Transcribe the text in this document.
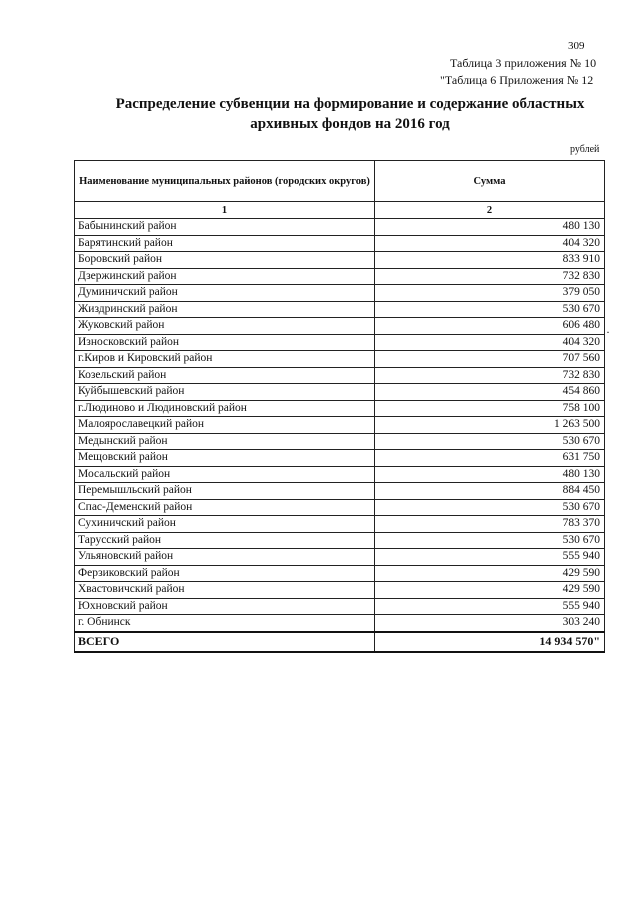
309
Таблица 3 приложения № 10
"Таблица 6 Приложения № 12
Распределение субвенции на формирование и содержание областных
архивных фондов на 2016 год
рублей
·
Наименование муниципальных районов (городских округов)	Сумма
1	2
Бабынинский район	480 130
Барятинский район	404 320
Боровский район	833 910
Дзержинский район	732 830
Думиничский район	379 050
Жиздринский район	530 670
Жуковский район	606 480
Износковский район	404 320
г.Киров и Кировский район	707 560
Козельский район	732 830
Куйбышевский район	454 860
г.Людиново и Людиновский район	758 100
Малоярославецкий район	1 263 500
Медынский район	530 670
Мещовский район	631 750
Мосальский район	480 130
Перемышльский район	884 450
Спас-Деменский район	530 670
Сухиничский район	783 370
Тарусский район	530 670
Ульяновский район	555 940
Ферзиковский район	429 590
Хвастовичский район	429 590
Юхновский район	555 940
г. Обнинск	303 240
ВСЕГО	14 934 570"
